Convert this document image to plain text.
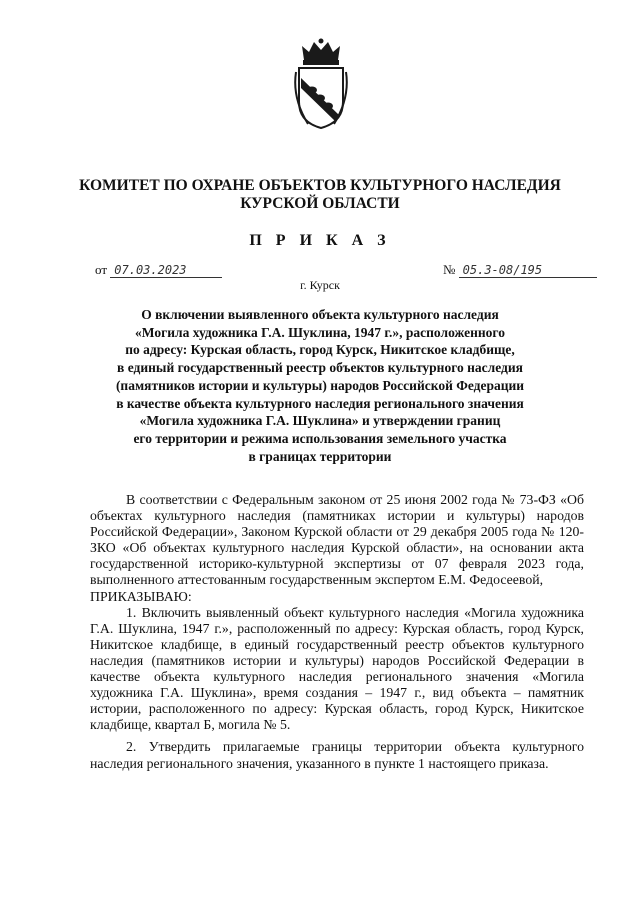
КОМИТЕТ ПО ОХРАНЕ ОБЪЕКТОВ КУЛЬТУРНОГО НАСЛЕДИЯ
КУРСКОЙ ОБЛАСТИ
П Р И К А З
от 07.03.2023	№ 05.3-08/195
г. Курск
О включении выявленного объекта культурного наследия
«Могила художника Г.А. Шуклина, 1947 г.», расположенного
по адресу: Курская область, город Курск, Никитское кладбище,
в единый государственный реестр объектов культурного наследия
(памятников истории и культуры) народов Российской Федерации
в качестве объекта культурного наследия регионального значения
«Могила художника Г.А. Шуклина» и утверждении границ
его территории и режима использования земельного участка
в границах территории

В соответствии с Федеральным законом от 25 июня 2002 года № 73-ФЗ «Об объектах культурного наследия (памятниках истории и культуры) народов Российской Федерации», Законом Курской области от 29 декабря 2005 года № 120-ЗКО «Об объектах культурного наследия Курской области», на основании акта государственной историко-культурной экспертизы от 07 февраля 2023 года, выполненного аттестованным государственным экспертом Е.М. Федосеевой,

ПРИКАЗЫВАЮ:

1. Включить выявленный объект культурного наследия «Могила художника Г.А. Шуклина, 1947 г.», расположенный по адресу: Курская область, город Курск, Никитское кладбище, в единый государственный реестр объектов культурного наследия (памятников истории и культуры) народов Российской Федерации в качестве объекта культурного наследия регионального значения «Могила художника Г.А. Шуклина», время создания – 1947 г., вид объекта – памятник истории, расположенного по адресу: Курская область, город Курск, Никитское кладбище, квартал Б, могила № 5.

2. Утвердить прилагаемые границы территории объекта культурного наследия регионального значения, указанного в пункте 1 настоящего приказа.
